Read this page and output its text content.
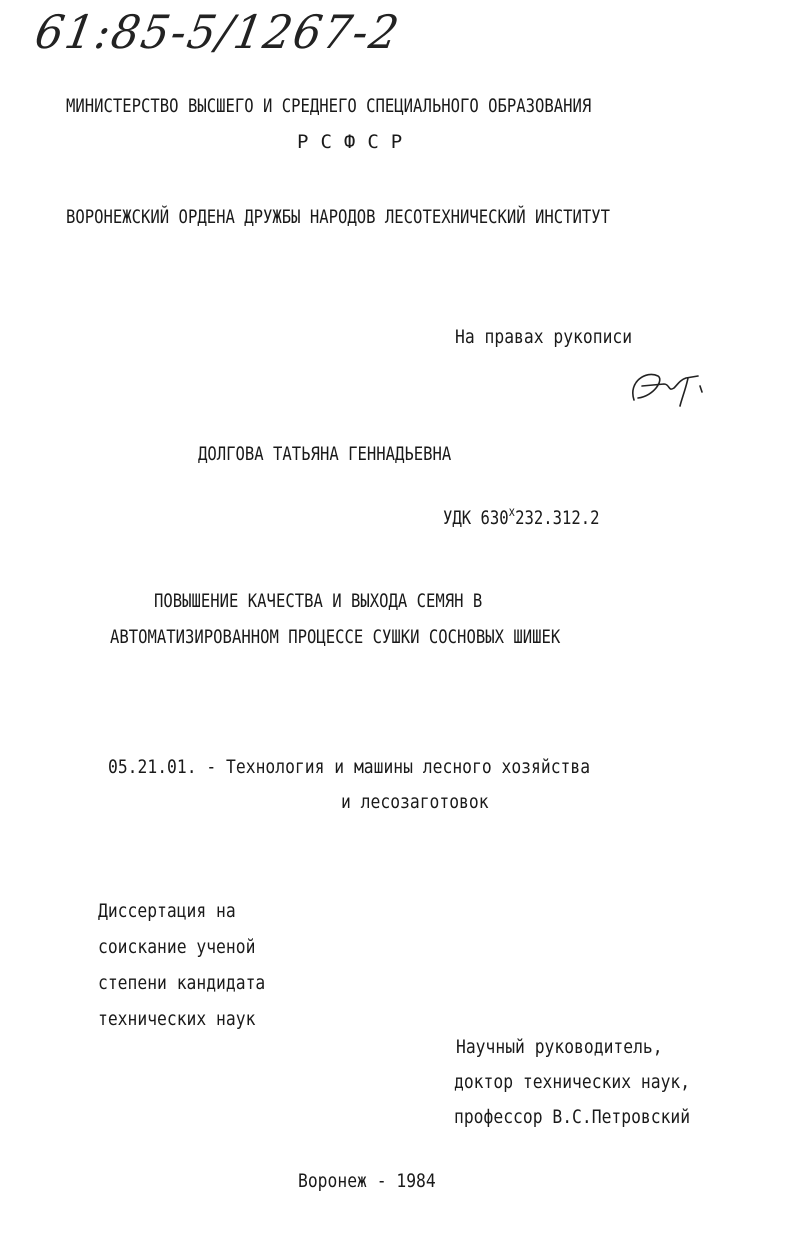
61:85-5/1267-2
МИНИСТЕРСТВО ВЫСШЕГО И СРЕДНЕГО СПЕЦИАЛЬНОГО ОБРАЗОВАНИЯ
РСФСР
ВОРОНЕЖСКИЙ ОРДЕНА ДРУЖБЫ НАРОДОВ ЛЕСОТЕХНИЧЕСКИЙ ИНСТИТУТ
На правах рукописи
ДОЛГОВА ТАТЬЯНА ГЕННАДЬЕВНА
УДК 630$^x$232.312.2
ПОВЫШЕНИЕ КАЧЕСТВА И ВЫХОДА СЕМЯН В
АВТОМАТИЗИРОВАННОМ ПРОЦЕССЕ СУШКИ СОСНОВЫХ ШИШЕК
05.21.01. - Технология и машины лесного хозяйства
и лесозаготовок
Диссертация на
соискание ученой
степени кандидата
технических наук
Научный руководитель,
доктор технических наук,
профессор В.С.Петровский
Воронеж - 1984
